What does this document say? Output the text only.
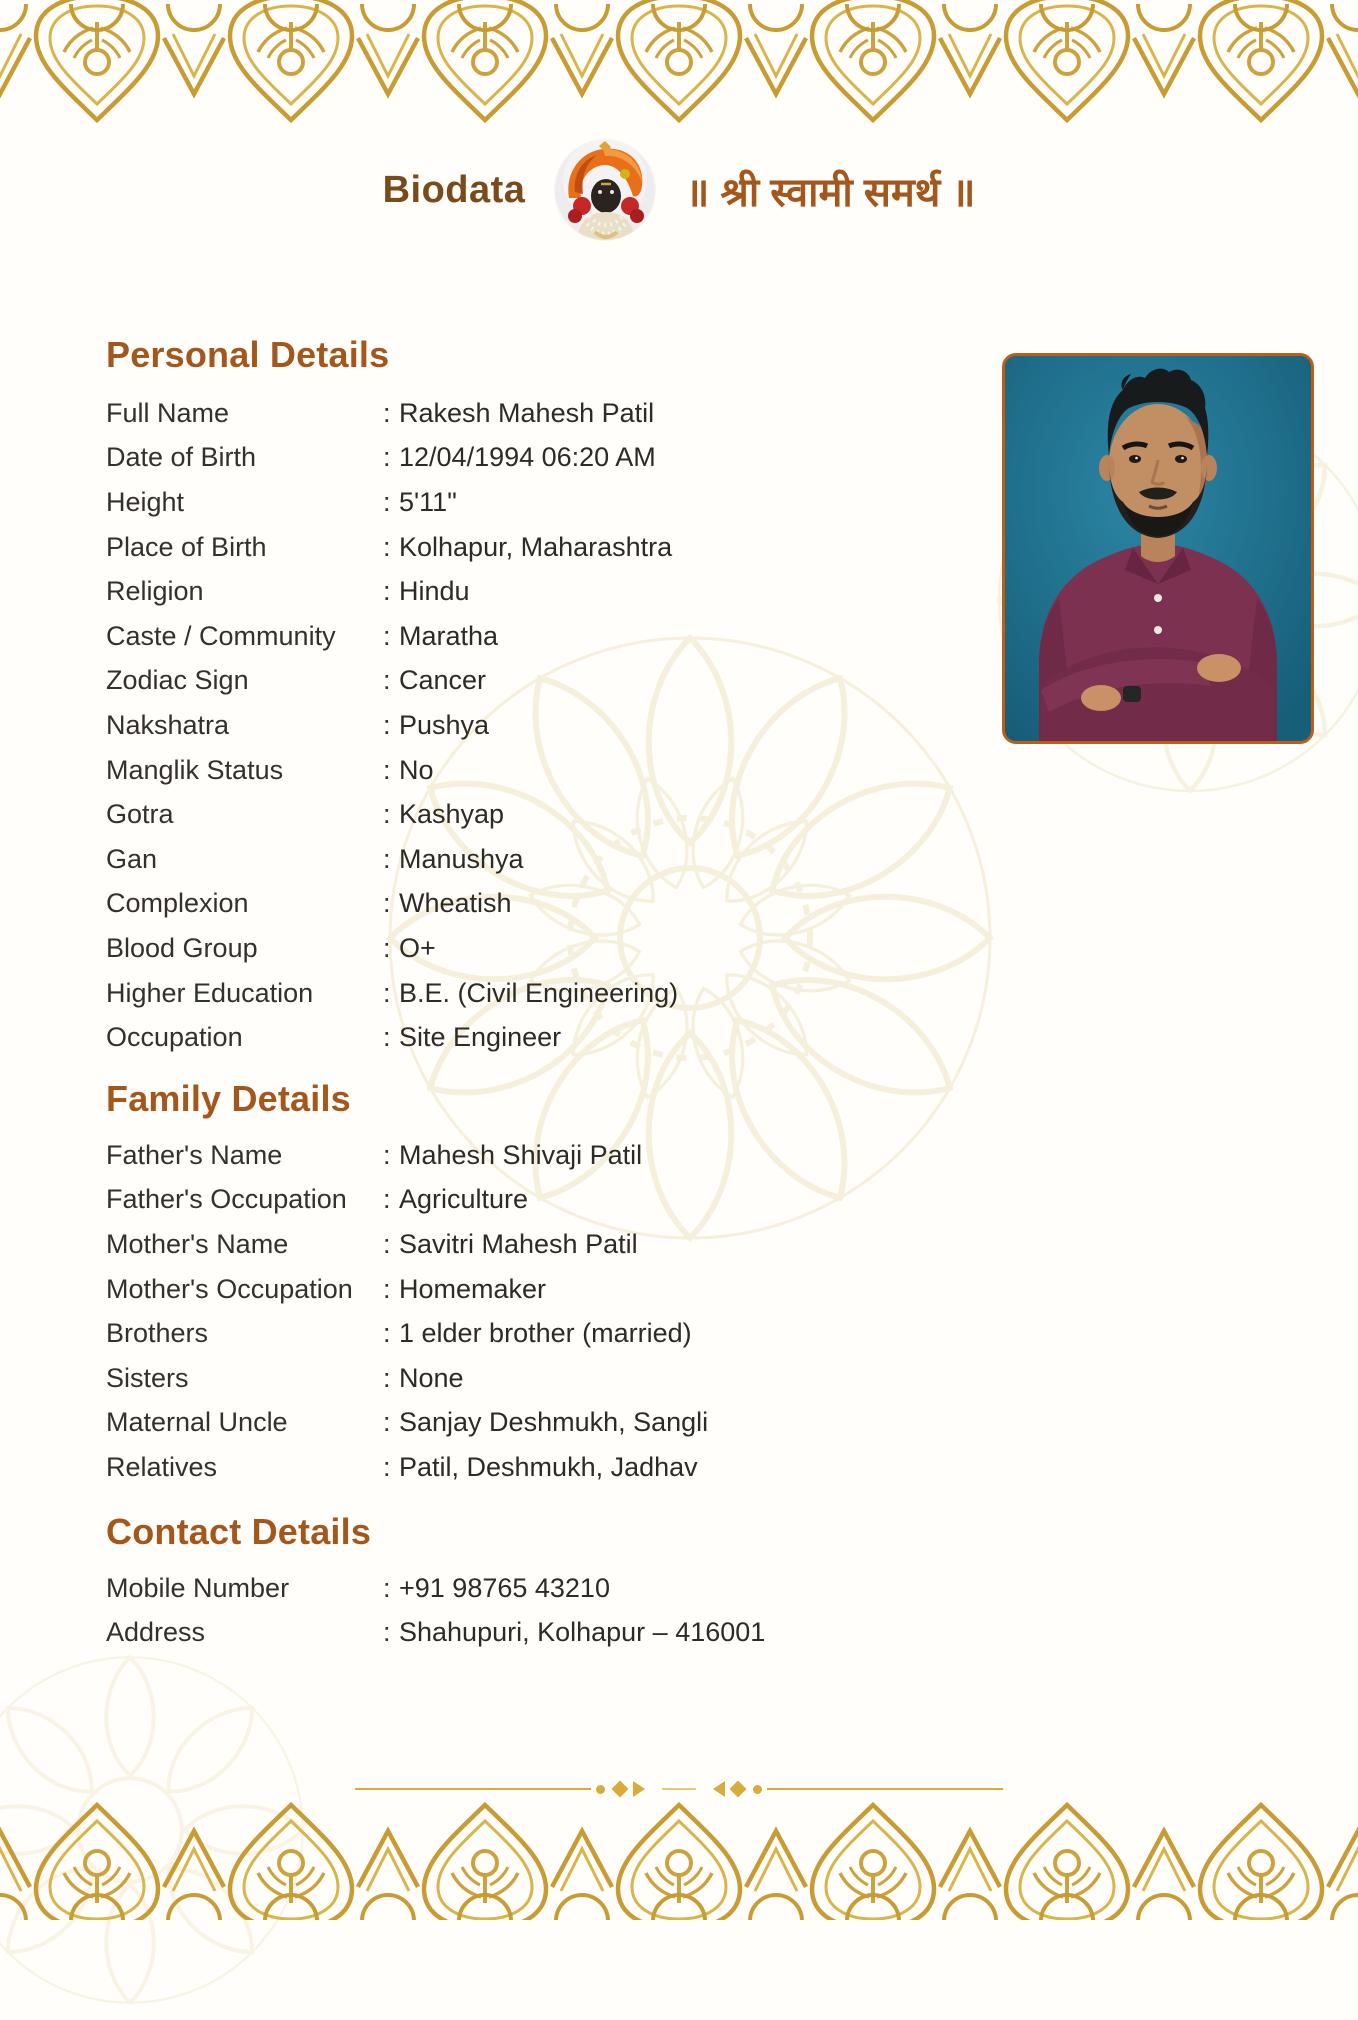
Biodata	॥ श्री स्वामी समर्थ ॥
Personal Details
Full Name	: Rakesh Mahesh Patil
Date of Birth	: 12/04/1994 06:20 AM
Height	: 5'11"
Place of Birth	: Kolhapur, Maharashtra
Religion	: Hindu
Caste / Community	: Maratha
Zodiac Sign	: Cancer
Nakshatra	: Pushya
Manglik Status	: No
Gotra	: Kashyap
Gan	: Manushya
Complexion	: Wheatish
Blood Group	: O+
Higher Education	: B.E. (Civil Engineering)
Occupation	: Site Engineer
Family Details
Father's Name	: Mahesh Shivaji Patil
Father's Occupation	: Agriculture
Mother's Name	: Savitri Mahesh Patil
Mother's Occupation	: Homemaker
Brothers	: 1 elder brother (married)
Sisters	: None
Maternal Uncle	: Sanjay Deshmukh, Sangli
Relatives	: Patil, Deshmukh, Jadhav
Contact Details
Mobile Number	: +91 98765 43210
Address	: Shahupuri, Kolhapur – 416001
